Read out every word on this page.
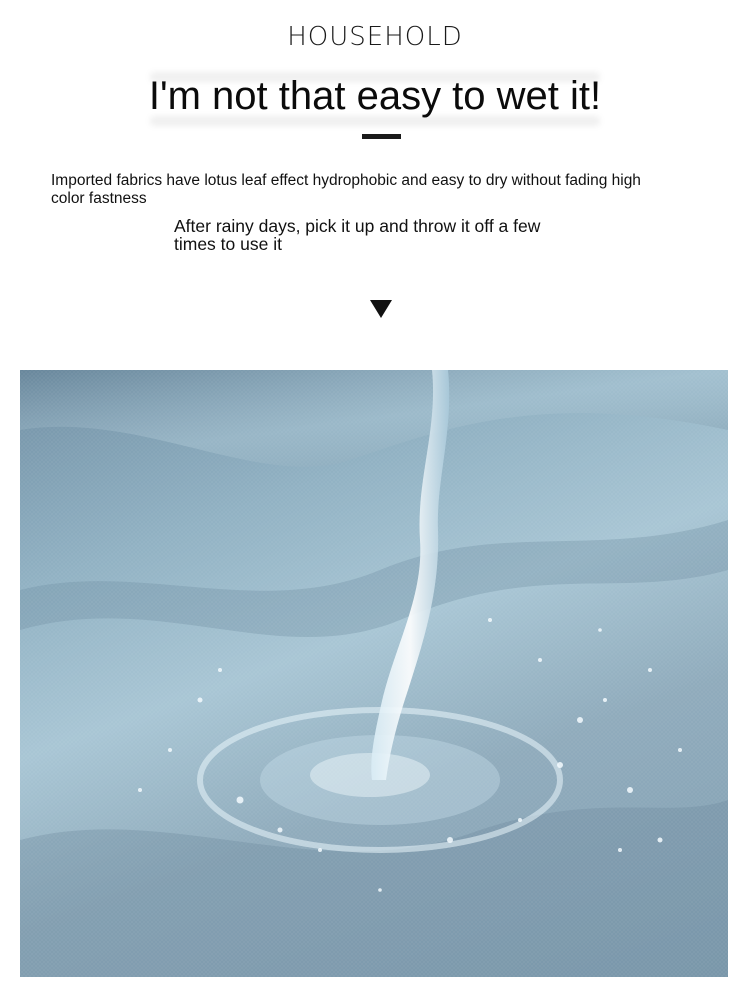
HOUSEHOLD
I'm not that easy to wet it!
Imported fabrics have lotus leaf effect hydrophobic and easy to dry without fading high color fastness
After rainy days, pick it up and throw it off a few times to use it
